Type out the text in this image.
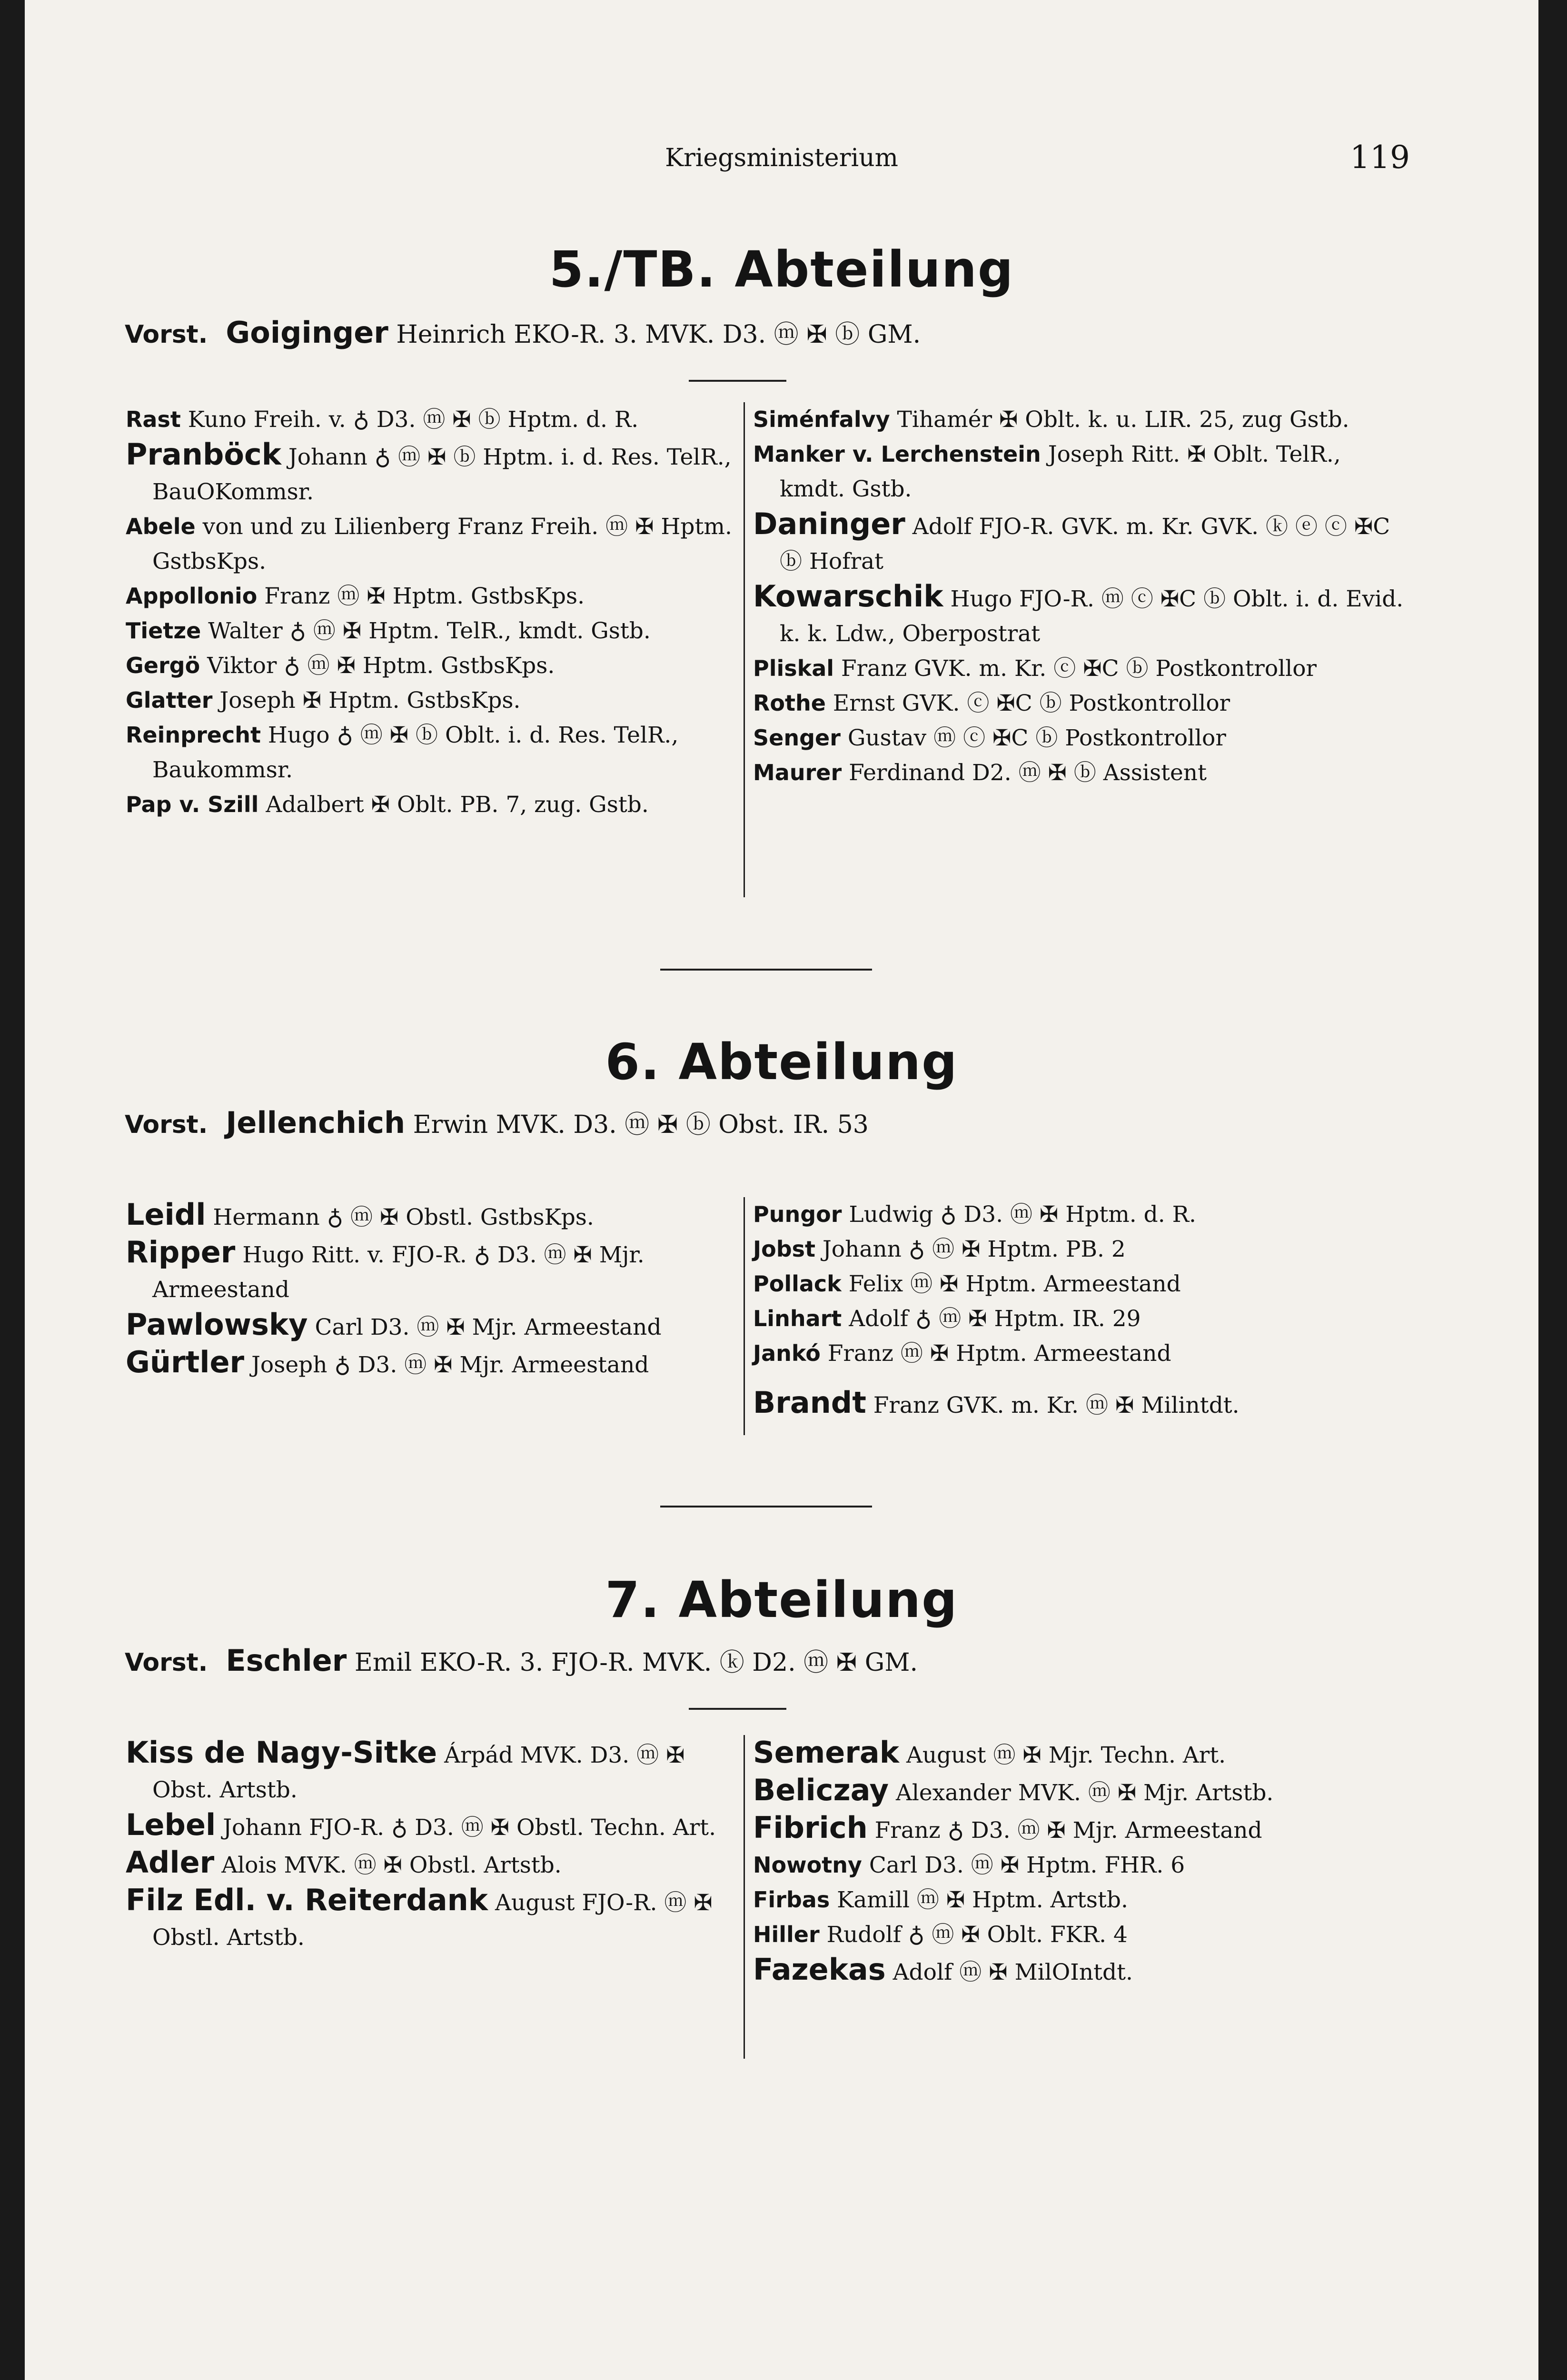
Kriegsministerium	119
5./TB. Abteilung
Vorst. Goiginger Heinrich EKO-R. 3. MVK. D3. ⓜ ✠ ⓑ GM.

Rast Kuno Freih. v. ♁ D3. ⓜ ✠ ⓑ Hptm. d. R.

Pranböck Johann ♁ ⓜ ✠ ⓑ Hptm. i. d. Res. TelR., BauOKommsr.

Abele von und zu Lilienberg Franz Freih. ⓜ ✠ Hptm. GstbsKps.

Appollonio Franz ⓜ ✠ Hptm. GstbsKps.

Tietze Walter ♁ ⓜ ✠ Hptm. TelR., kmdt. Gstb.

Gergö Viktor ♁ ⓜ ✠ Hptm. GstbsKps.

Glatter Joseph ✠ Hptm. GstbsKps.

Reinprecht Hugo ♁ ⓜ ✠ ⓑ Oblt. i. d. Res. TelR., Baukommsr.

Pap v. Szill Adalbert ✠ Oblt. PB. 7, zug. Gstb.

Siménfalvy Tihamér ✠ Oblt. k. u. LIR. 25, zug Gstb.

Manker v. Lerchenstein Joseph Ritt. ✠ Oblt. TelR., kmdt. Gstb.

Daninger Adolf FJO-R. GVK. m. Kr. GVK. ⓚ ⓔ ⓒ ✠C ⓑ Hofrat

Kowarschik Hugo FJO-R. ⓜ ⓒ ✠C ⓑ Oblt. i. d. Evid. k. k. Ldw., Oberpostrat

Pliskal Franz GVK. m. Kr. ⓒ ✠C ⓑ Postkontrollor

Rothe Ernst GVK. ⓒ ✠C ⓑ Postkontrollor

Senger Gustav ⓜ ⓒ ✠C ⓑ Postkontrollor

Maurer Ferdinand D2. ⓜ ✠ ⓑ Assistent

6. Abteilung
Vorst. Jellenchich Erwin MVK. D3. ⓜ ✠ ⓑ Obst. IR. 53

Leidl Hermann ♁ ⓜ ✠ Obstl. GstbsKps.

Ripper Hugo Ritt. v. FJO-R. ♁ D3. ⓜ ✠ Mjr. Armeestand

Pawlowsky Carl D3. ⓜ ✠ Mjr. Armeestand

Gürtler Joseph ♁ D3. ⓜ ✠ Mjr. Armeestand

Pungor Ludwig ♁ D3. ⓜ ✠ Hptm. d. R.

Jobst Johann ♁ ⓜ ✠ Hptm. PB. 2

Pollack Felix ⓜ ✠ Hptm. Armeestand

Linhart Adolf ♁ ⓜ ✠ Hptm. IR. 29

Jankó Franz ⓜ ✠ Hptm. Armeestand

Brandt Franz GVK. m. Kr. ⓜ ✠ Milintdt.

7. Abteilung
Vorst. Eschler Emil EKO-R. 3. FJO-R. MVK. ⓚ D2. ⓜ ✠ GM.

Kiss de Nagy-Sitke Árpád MVK. D3. ⓜ ✠ Obst. Artstb.

Lebel Johann FJO-R. ♁ D3. ⓜ ✠ Obstl. Techn. Art.

Adler Alois MVK. ⓜ ✠ Obstl. Artstb.

Filz Edl. v. Reiterdank August FJO-R. ⓜ ✠ Obstl. Artstb.

Semerak August ⓜ ✠ Mjr. Techn. Art.

Beliczay Alexander MVK. ⓜ ✠ Mjr. Artstb.

Fibrich Franz ♁ D3. ⓜ ✠ Mjr. Armeestand

Nowotny Carl D3. ⓜ ✠ Hptm. FHR. 6

Firbas Kamill ⓜ ✠ Hptm. Artstb.

Hiller Rudolf ♁ ⓜ ✠ Oblt. FKR. 4

Fazekas Adolf ⓜ ✠ MilOIntdt.
